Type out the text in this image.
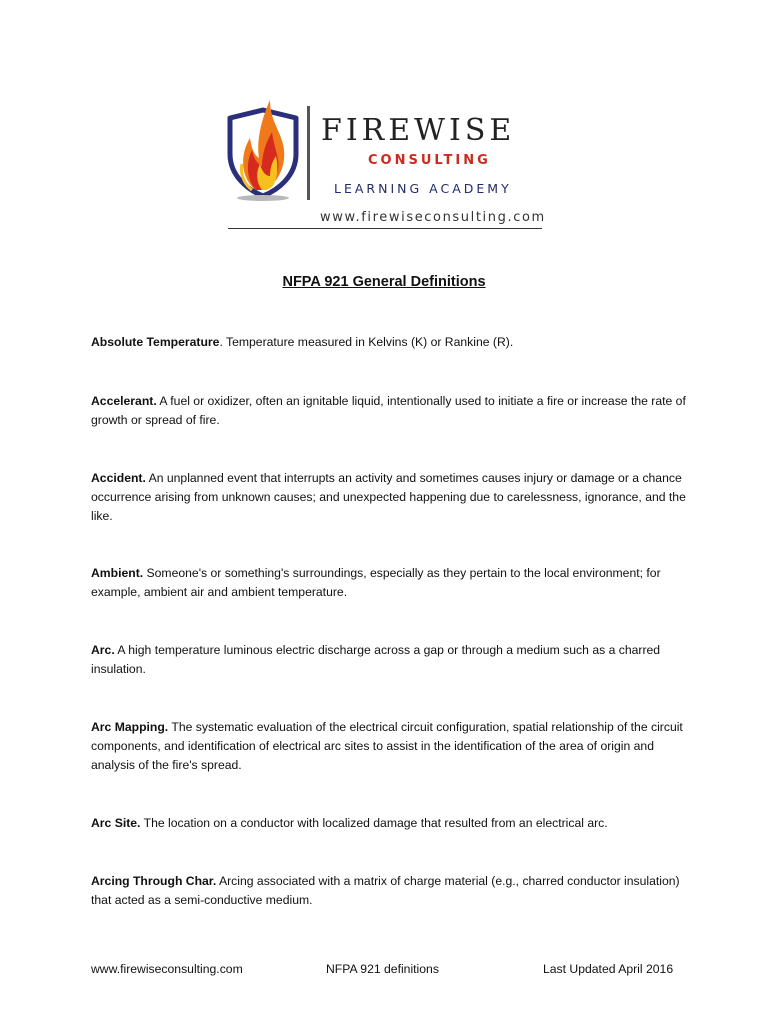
FIREWISE
CONSULTING
LEARNING ACADEMY
www.firewiseconsulting.com
NFPA 921 General Definitions
Absolute Temperature. Temperature measured in Kelvins (K) or Rankine (R).
Accelerant. A fuel or oxidizer, often an ignitable liquid, intentionally used to initiate a fire or increase the rate of growth or spread of fire.
Accident. An unplanned event that interrupts an activity and sometimes causes injury or damage or a chance occurrence arising from unknown causes; and unexpected happening due to carelessness, ignorance, and the like.
Ambient. Someone's or something's surroundings, especially as they pertain to the local environment; for example, ambient air and ambient temperature.
Arc. A high temperature luminous electric discharge across a gap or through a medium such as a charred insulation.
Arc Mapping. The systematic evaluation of the electrical circuit configuration, spatial relationship of the circuit components, and identification of electrical arc sites to assist in the identification of the area of origin and analysis of the fire's spread.
Arc Site. The location on a conductor with localized damage that resulted from an electrical arc.
Arcing Through Char. Arcing associated with a matrix of charge material (e.g., charred conductor insulation) that acted as a semi-conductive medium.
www.firewiseconsulting.com	NFPA 921 definitions	Last Updated April 2016
